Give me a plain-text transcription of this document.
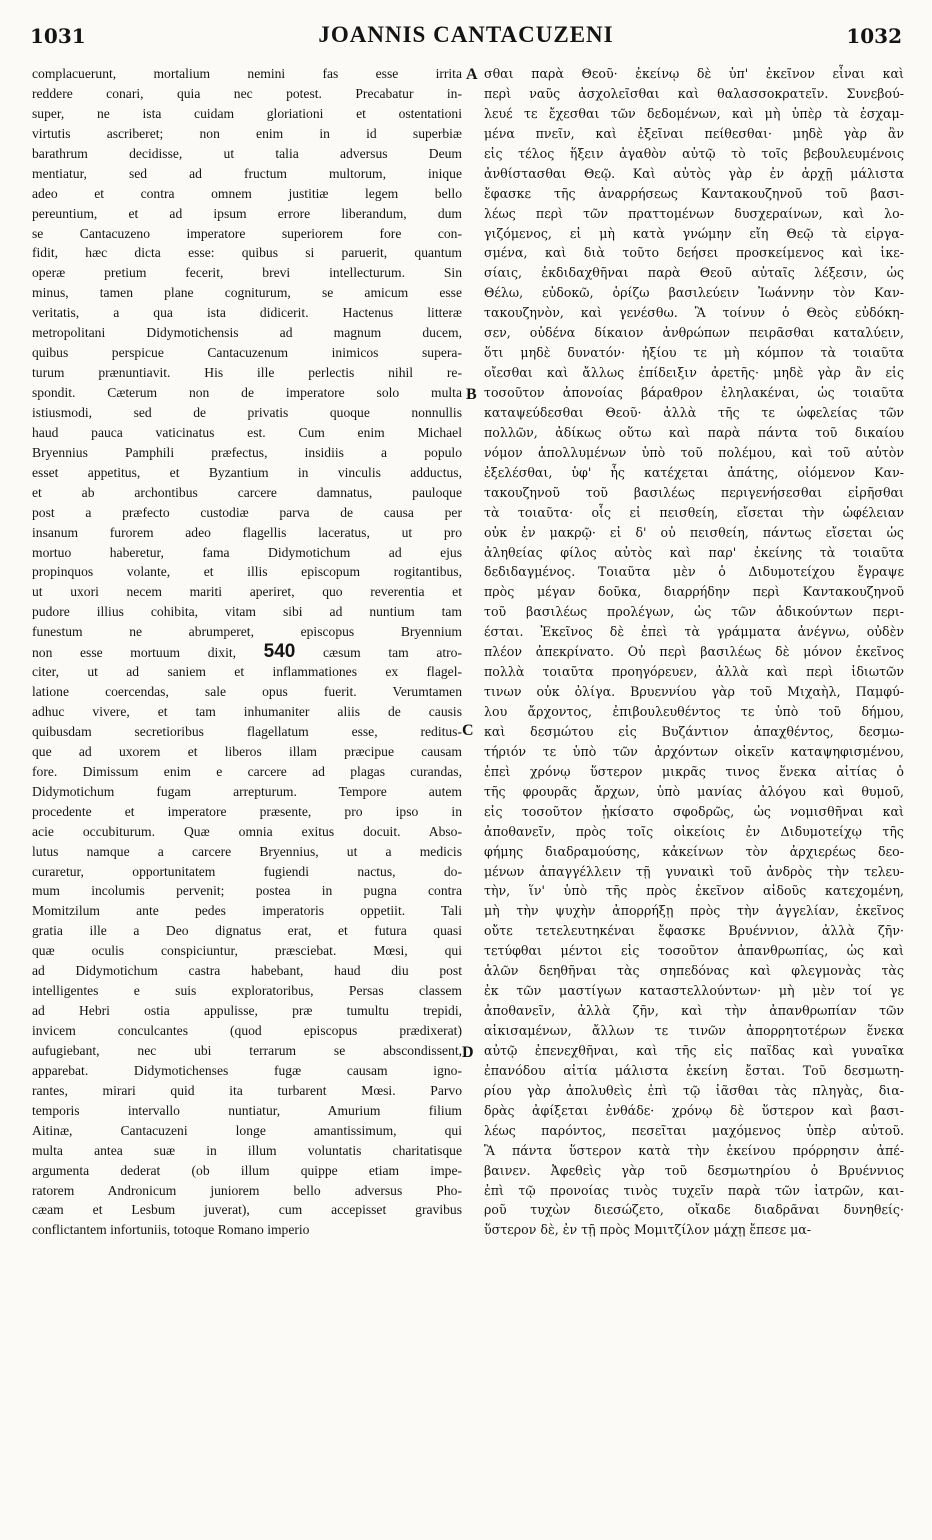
1031	JOANNIS CANTACUZENI	1032
complacuerunt, mortalium nemini fas esse irrita
reddere conari, quia nec potest. Precabatur in-
super, ne ista cuidam gloriationi et ostentationi
virtutis ascriberet; non enim in id superbiæ
barathrum decidisse, ut talia adversus Deum
mentiatur, sed ad fructum multorum, inique
adeo et contra omnem justitiæ legem bello
pereuntium, et ad ipsum errore liberandum, dum
se Cantacuzeno imperatore superiorem fore con-
fidit, hæc dicta esse: quibus si paruerit, quantum
operæ pretium fecerit, brevi intellecturum. Sin
minus, tamen plane cogniturum, se amicum esse
veritatis, a qua ista didicerit. Hactenus litteræ
metropolitani Didymotichensis ad magnum ducem,
quibus perspicue Cantacuzenum inimicos supera-
turum prænuntiavit. His ille perlectis nihil re-
spondit. Cæterum non de imperatore solo multa
istiusmodi, sed de privatis quoque nonnullis
haud pauca vaticinatus est. Cum enim Michael
Bryennius Pamphili præfectus, insidiis a populo
esset appetitus, et Byzantium in vinculis adductus,
et ab archontibus carcere damnatus, pauloque
post a præfecto custodiæ parva de causa per
insanum furorem adeo flagellis laceratus, ut pro
mortuo haberetur, fama Didymotichum ad ejus
propinquos volante, et illis episcopum rogitantibus,
ut uxori necem mariti aperiret, quo reverentia et
pudore illius cohibita, vitam sibi ad nuntium tam
funestum ne abrumperet, episcopus Bryennium
non esse mortuum dixit, 540 cæsum tam atro-
citer, ut ad saniem et inflammationes ex flagel-
latione coercendas, sale opus fuerit. Verumtamen
adhuc vivere, et tam inhumaniter aliis de causis
quibusdam secretioribus flagellatum esse, reditus-
que ad uxorem et liberos illam præcipue causam
fore. Dimissum enim e carcere ad plagas curandas,
Didymotichum fugam arrepturum. Tempore autem
procedente et imperatore præsente, pro ipso in
acie occubiturum. Quæ omnia exitus docuit. Abso-
lutus namque a carcere Bryennius, ut a medicis
curaretur, opportunitatem fugiendi nactus, do-
mum incolumis pervenit; postea in pugna contra
Momitzilum ante pedes imperatoris oppetiit. Tali
gratia ille a Deo dignatus erat, et futura quasi
quæ oculis conspiciuntur, præsciebat. Mœsi, qui
ad Didymotichum castra habebant, haud diu post
intelligentes e suis exploratoribus, Persas classem
ad Hebri ostia appulisse, præ tumultu trepidi,
invicem conculcantes (quod episcopus prædixerat)
aufugiebant, nec ubi terrarum se abscondissent,
apparebat. Didymotichenses fugæ causam igno-
rantes, mirari quid ita turbarent Mœsi. Parvo
temporis intervallo nuntiatur, Amurium filium
Aitinæ, Cantacuzeni longe amantissimum, qui
multa antea suæ in illum voluntatis charitatisque
argumenta dederat (ob illum quippe etiam impe-
ratorem Andronicum juniorem bello adversus Pho-
cæam et Lesbum juverat), cum accepisset gravibus
conflictantem infortuniis, totoque Romano imperio
A
B
C
D
σθαι παρὰ Θεοῦ· ἐκείνῳ δὲ ὑπ' ἐκεῖνον εἶναι καὶ
περὶ ναῦς ἀσχολεῖσθαι καὶ θαλασσοκρατεῖν. Συνεβού-
λευέ τε ἔχεσθαι τῶν δεδομένων, καὶ μὴ ὑπὲρ τὰ ἐσχαμ-
μένα πνεῖν, καὶ ἐξεῖναι πείθεσθαι· μηδὲ γὰρ ἂν
εἰς τέλος ἥξειν ἀγαθὸν αὐτῷ τὸ τοῖς βεβουλευμένοις
ἀνθίστασθαι Θεῷ. Καὶ αὐτὸς γὰρ ἐν ἀρχῇ μάλιστα
ἔφασκε τῆς ἀναρρήσεως Καντακουζηνοῦ τοῦ βασι-
λέως περὶ τῶν πραττομένων δυσχεραίνων, καὶ λο-
γιζόμενος, εἰ μὴ κατὰ γνώμην εἴη Θεῷ τὰ εἰργα-
σμένα, καὶ διὰ τοῦτο δεήσει προσκείμενος καὶ ἱκε-
σίαις, ἐκδιδαχθῆναι παρὰ Θεοῦ αὐταῖς λέξεσιν, ὡς
Θέλω, εὐδοκῶ, ὁρίζω βασιλεύειν Ἰωάννην τὸν Καν-
τακουζηνὸν, καὶ γενέσθω. Ἃ τοίνυν ὁ Θεὸς εὐδόκη-
σεν, οὐδένα δίκαιον ἀνθρώπων πειρᾶσθαι καταλύειν,
ὅτι μηδὲ δυνατόν· ἠξίου τε μὴ κόμπον τὰ τοιαῦτα
οἴεσθαι καὶ ἄλλως ἐπίδειξιν ἀρετῆς· μηδὲ γὰρ ἂν εἰς
τοσοῦτον ἀπονοίας βάραθρον ἐληλακέναι, ὡς τοιαῦτα
καταψεύδεσθαι Θεοῦ· ἀλλὰ τῆς τε ὠφελείας τῶν
πολλῶν, ἀδίκως οὕτω καὶ παρὰ πάντα τοῦ δικαίου
νόμον ἀπολλυμένων ὑπὸ τοῦ πολέμου, καὶ τοῦ αὐτὸν
ἐξελέσθαι, ὑφ' ἧς κατέχεται ἀπάτης, οἰόμενον Καν-
τακουζηνοῦ τοῦ βασιλέως περιγενήσεσθαι εἰρῆσθαι
τὰ τοιαῦτα· οἷς εἰ πεισθείη, εἴσεται τὴν ὠφέλειαν
οὐκ ἐν μακρῷ· εἰ δ' οὐ πεισθείη, πάντως εἴσεται ὡς
ἀληθείας φίλος αὐτὸς καὶ παρ' ἐκείνης τὰ τοιαῦτα
δεδιδαγμένος. Τοιαῦτα μὲν ὁ Διδυμοτείχου ἔγραψε
πρὸς μέγαν δοῦκα, διαρρήδην περὶ Καντακουζηνοῦ
τοῦ βασιλέως προλέγων, ὡς τῶν ἀδικούντων περι-
έσται. Ἐκεῖνος δὲ ἐπεὶ τὰ γράμματα ἀνέγνω, οὐδὲν
πλέον ἀπεκρίνατο. Οὐ περὶ βασιλέως δὲ μόνον ἐκεῖνος
πολλὰ τοιαῦτα προηγόρευεν, ἀλλὰ καὶ περὶ ἰδιωτῶν
τινων οὐκ ὀλίγα. Βρυεννίου γὰρ τοῦ Μιχαὴλ, Παμφύ-
λου ἄρχοντος, ἐπιβουλευθέντος τε ὑπὸ τοῦ δήμου,
καὶ δεσμώτου εἰς Βυζάντιον ἀπαχθέντος, δεσμω-
τήριόν τε ὑπὸ τῶν ἀρχόντων οἰκεῖν καταψηφισμένου,
ἐπεὶ χρόνῳ ὕστερον μικρᾶς τινος ἕνεκα αἰτίας ὁ
τῆς φρουρᾶς ἄρχων, ὑπὸ μανίας ἀλόγου καὶ θυμοῦ,
εἰς τοσοῦτον ᾐκίσατο σφοδρῶς, ὡς νομισθῆναι καὶ
ἀποθανεῖν, πρὸς τοῖς οἰκείοις ἐν Διδυμοτείχῳ τῆς
φήμης διαδραμούσης, κἀκείνων τὸν ἀρχιερέως δεο-
μένων ἀπαγγέλλειν τῇ γυναικὶ τοῦ ἀνδρὸς τὴν τελευ-
τὴν, ἵν' ὑπὸ τῆς πρὸς ἐκεῖνον αἰδοῦς κατεχομένη,
μὴ τὴν ψυχὴν ἀπορρήξῃ πρὸς τὴν ἀγγελίαν, ἐκεῖνος
οὔτε τετελευτηκέναι ἔφασκε Βρυέννιον, ἀλλὰ ζῆν·
τετύφθαι μέντοι εἰς τοσοῦτον ἀπανθρωπίας, ὡς καὶ
ἁλῶν δεηθῆναι τὰς σηπεδόνας καὶ φλεγμονὰς τὰς
ἐκ τῶν μαστίγων καταστελλούντων· μὴ μὲν τοί γε
ἀποθανεῖν, ἀλλὰ ζῆν, καὶ τὴν ἀπανθρωπίαν τῶν
αἰκισαμένων, ἄλλων τε τινῶν ἀπορρητοτέρων ἕνεκα
αὐτῷ ἐπενεχθῆναι, καὶ τῆς εἰς παῖδας καὶ γυναῖκα
ἐπανόδου αἰτία μάλιστα ἐκείνη ἔσται. Τοῦ δεσμωτη-
ρίου γὰρ ἀπολυθεὶς ἐπὶ τῷ ἰᾶσθαι τὰς πληγὰς, δια-
δρὰς ἀφίξεται ἐνθάδε· χρόνῳ δὲ ὕστερον καὶ βασι-
λέως παρόντος, πεσεῖται μαχόμενος ὑπὲρ αὐτοῦ.
Ἃ πάντα ὕστερον κατὰ τὴν ἐκείνου πρόρρησιν ἀπέ-
βαινεν. Ἀφεθεὶς γὰρ τοῦ δεσμωτηρίου ὁ Βρυέννιος
ἐπὶ τῷ προνοίας τινὸς τυχεῖν παρὰ τῶν ἰατρῶν, και-
ροῦ τυχὼν διεσώζετο, οἴκαδε διαδρᾶναι δυνηθείς·
ὕστερον δὲ, ἐν τῇ πρὸς Μομιτζίλον μάχῃ ἔπεσε μα-
